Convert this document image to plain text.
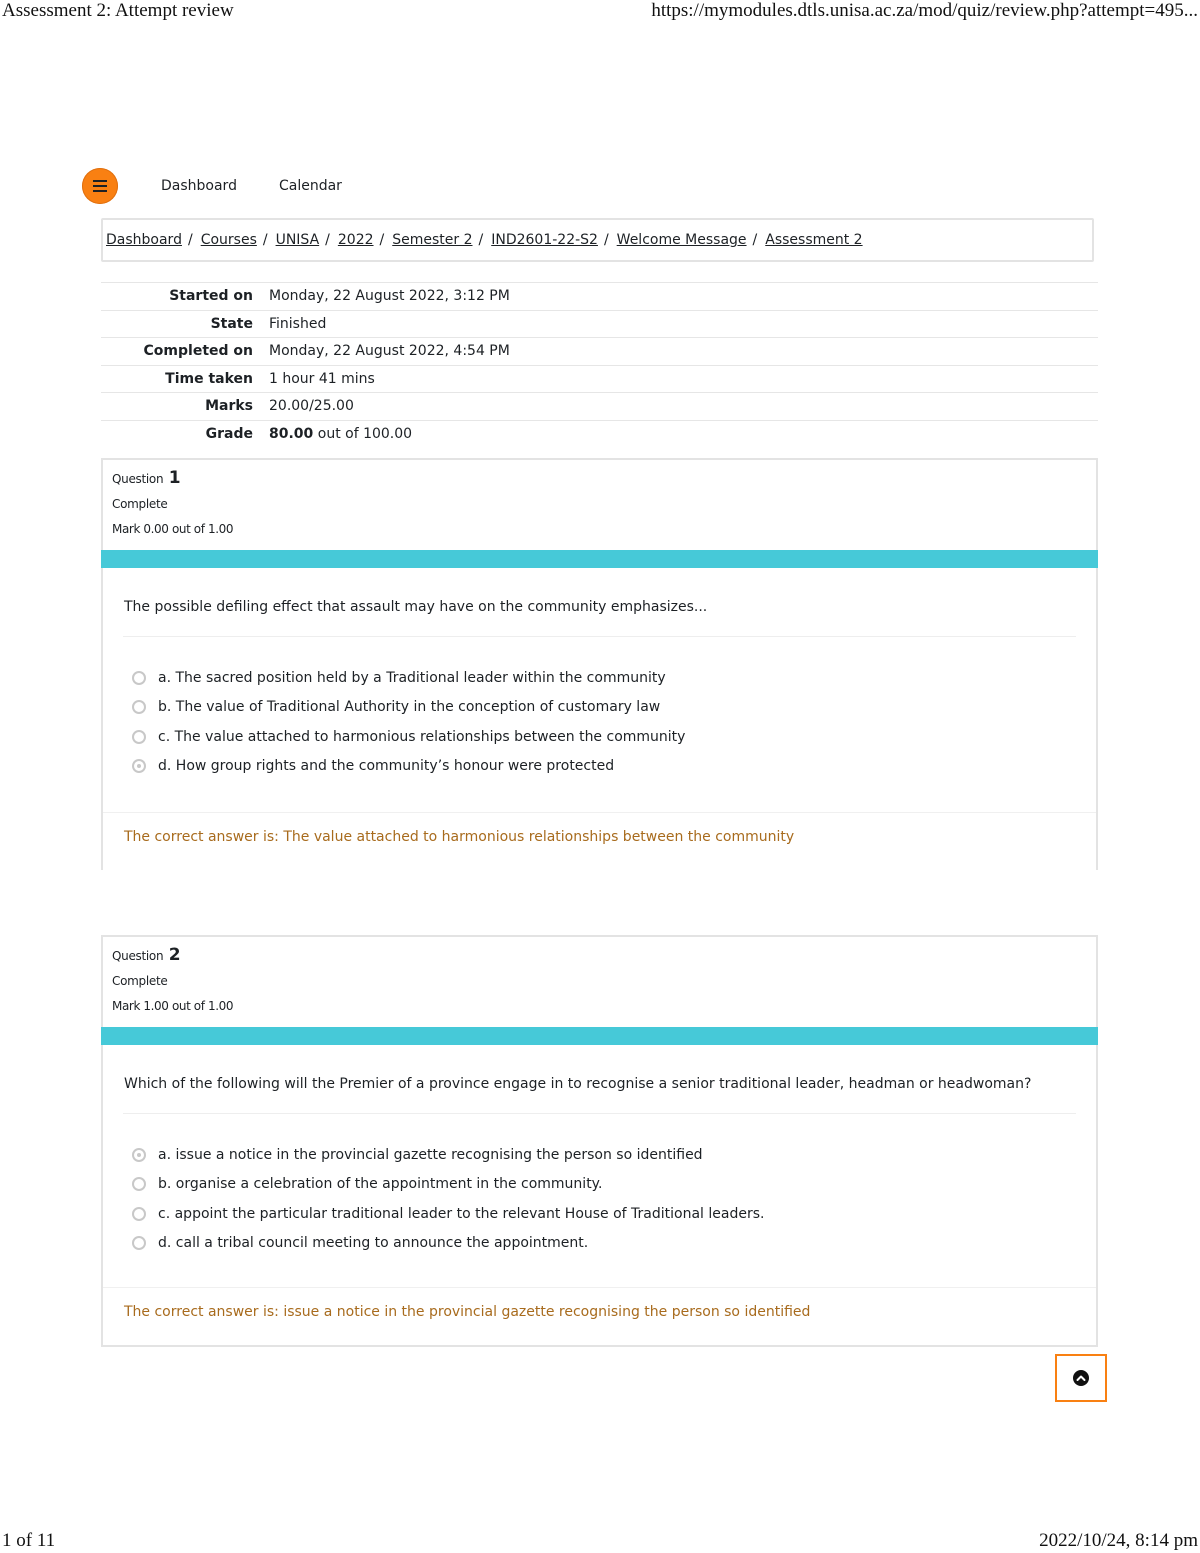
Assessment 2: Attempt review	https://mymodules.dtls.unisa.ac.za/mod/quiz/review.php?attempt=495...
Dashboard	Calendar
Dashboard / Courses / UNISA / 2022 / Semester 2 / IND2601-22-S2 / Welcome Message / Assessment 2
Started on	Monday, 22 August 2022, 3:12 PM
State	Finished
Completed on	Monday, 22 August 2022, 4:54 PM
Time taken	1 hour 41 mins
Marks	20.00/25.00
Grade	80.00 out of 100.00
Question 1
Complete
Mark 0.00 out of 1.00
The possible defiling effect that assault may have on the community emphasizes...
a. The sacred position held by a Traditional leader within the community
b. The value of Traditional Authority in the conception of customary law
c. The value attached to harmonious relationships between the community
d. How group rights and the community’s honour were protected
The correct answer is: The value attached to harmonious relationships between the community
Question 2
Complete
Mark 1.00 out of 1.00
Which of the following will the Premier of a province engage in to recognise a senior traditional leader, headman or headwoman?
a. issue a notice in the provincial gazette recognising the person so identified
b. organise a celebration of the appointment in the community.
c. appoint the particular traditional leader to the relevant House of Traditional leaders.
d. call a tribal council meeting to announce the appointment.
The correct answer is: issue a notice in the provincial gazette recognising the person so identified
1 of 11	2022/10/24, 8:14 pm
